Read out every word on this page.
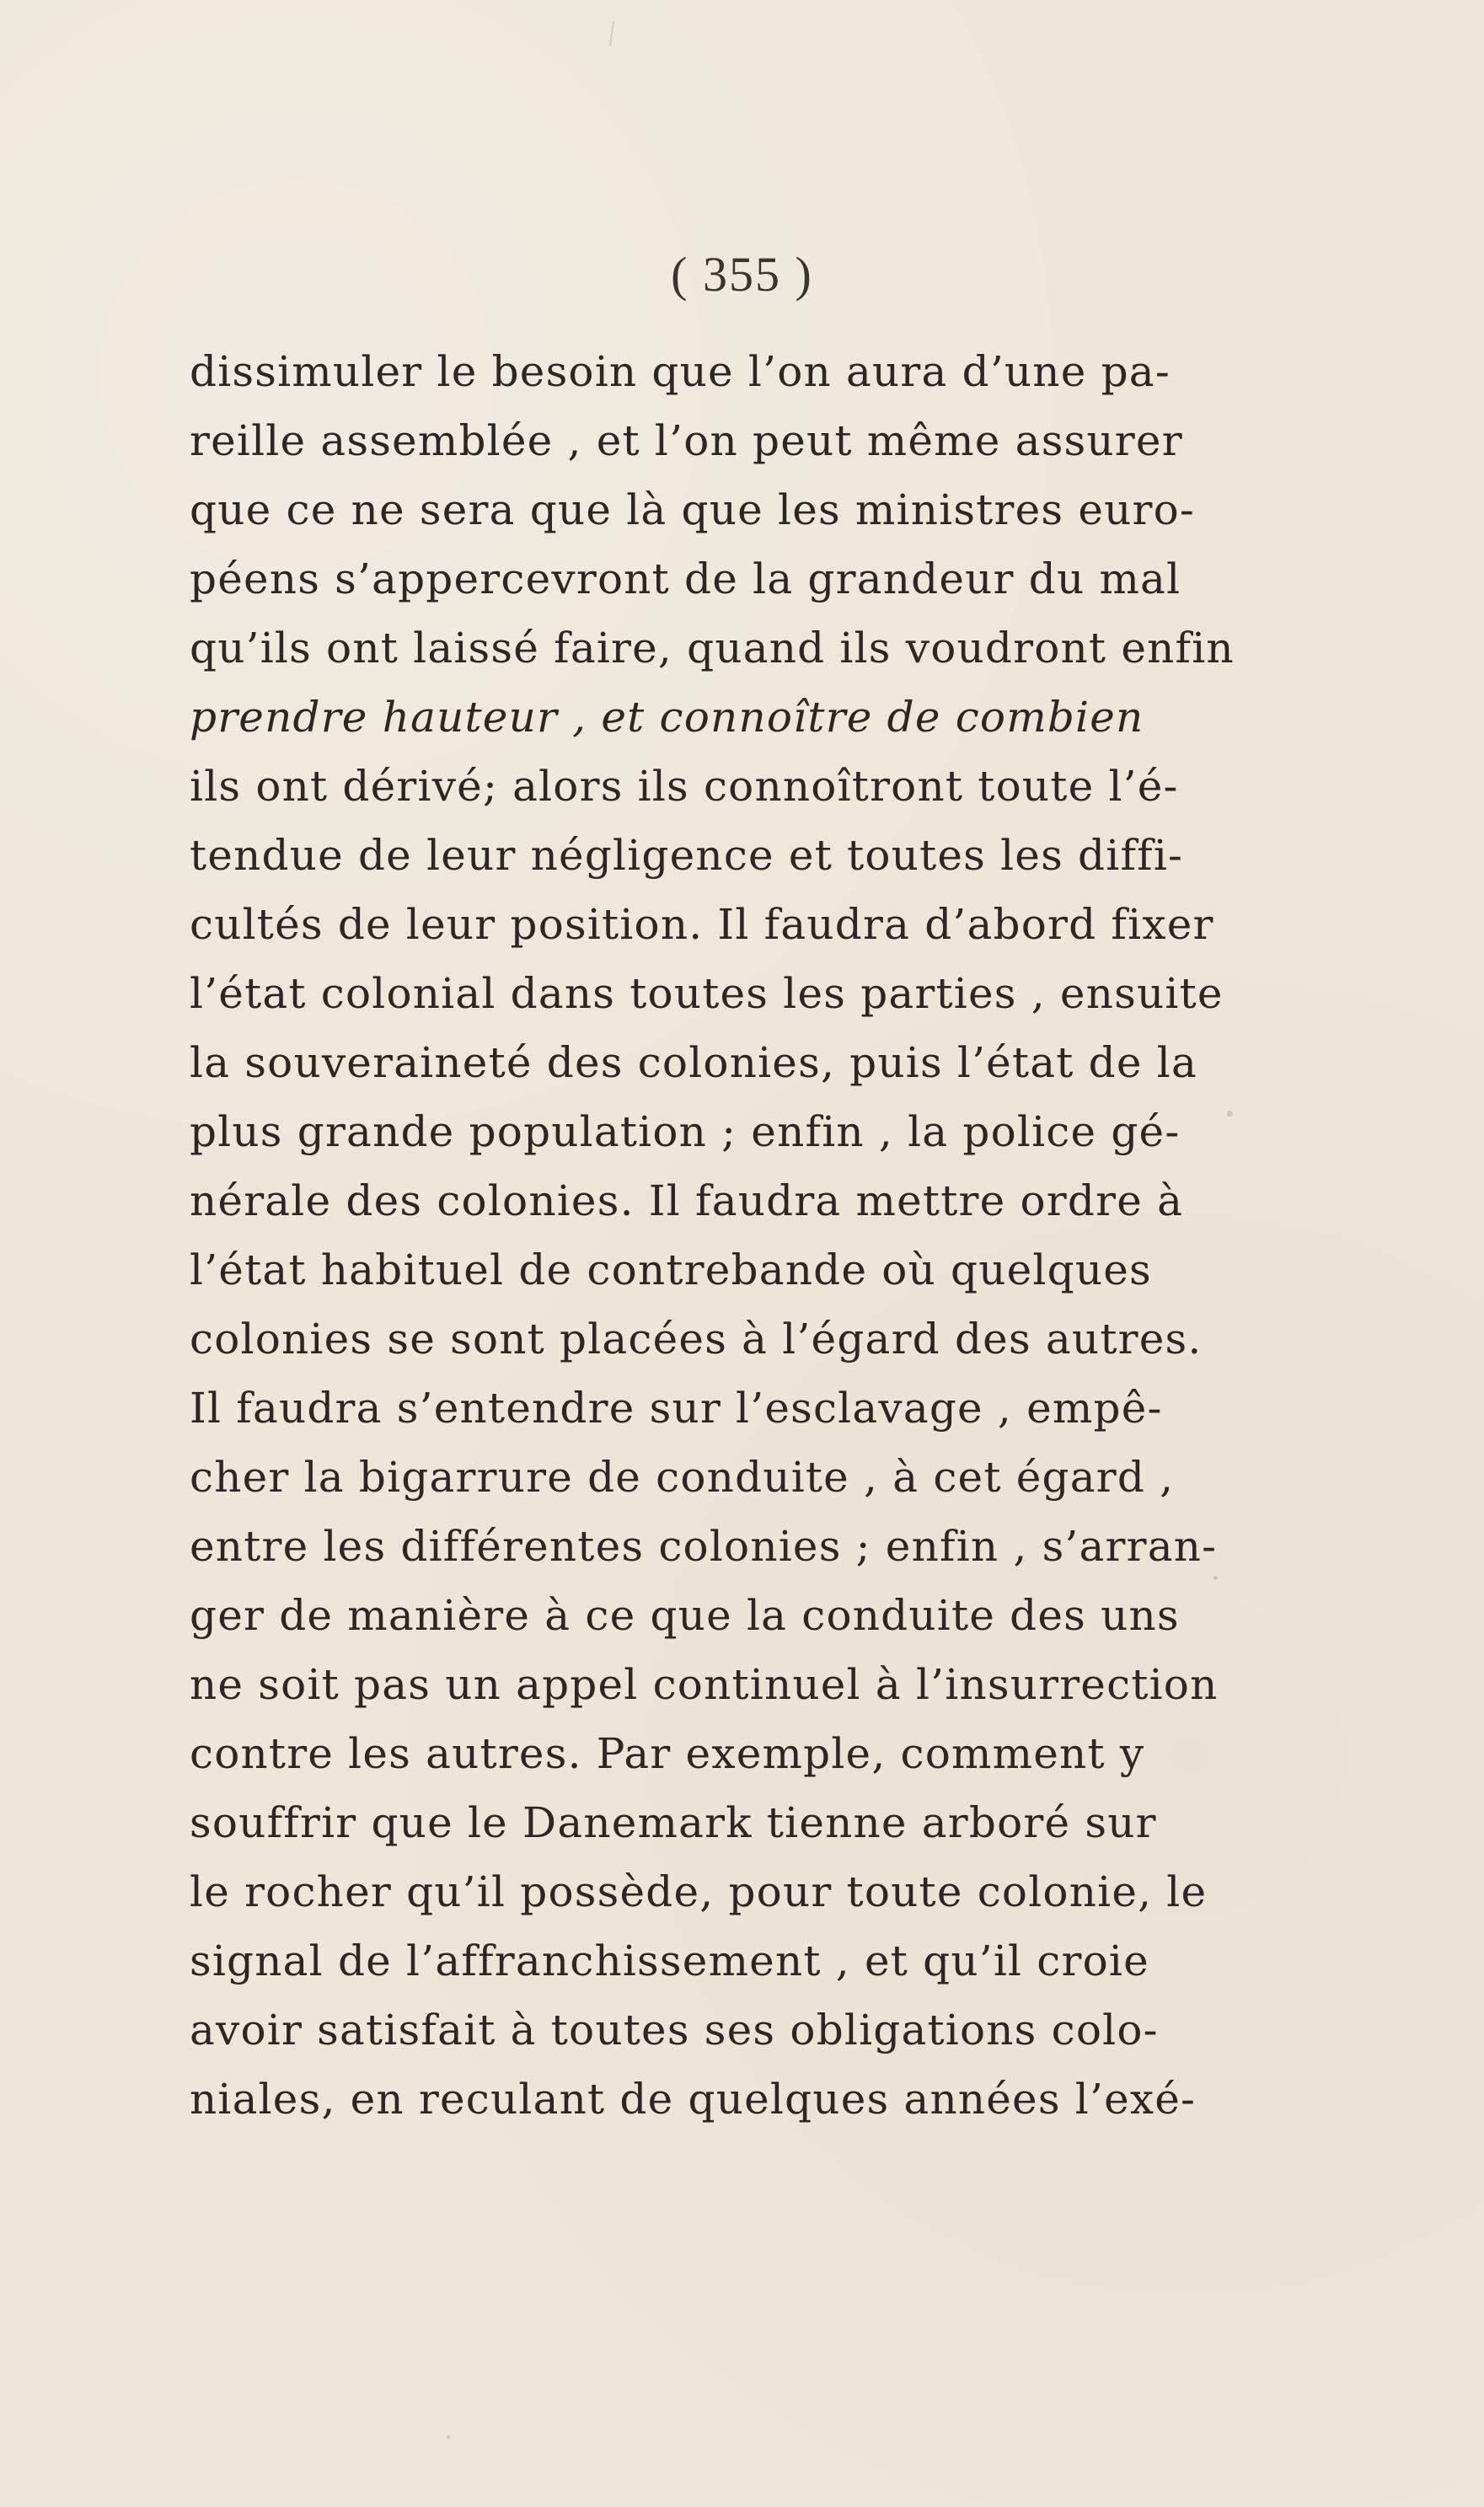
( 355 )
dissimuler le besoin que l’on aura d’une pa-
reille assemblée , et l’on peut même assurer
que ce ne sera que là que les ministres euro-
péens s’appercevront de la grandeur du mal
qu’ils ont laissé faire, quand ils voudront enfin
prendre hauteur , et connoître de combien
ils ont dérivé; alors ils connoîtront toute l’é-
tendue de leur négligence et toutes les diffi-
cultés de leur position. Il faudra d’abord fixer
l’état colonial dans toutes les parties , ensuite
la souveraineté des colonies, puis l’état de la
plus grande population ; enfin , la police gé-
nérale des colonies. Il faudra mettre ordre à
l’état habituel de contrebande où quelques
colonies se sont placées à l’égard des autres.
Il faudra s’entendre sur l’esclavage , empê-
cher la bigarrure de conduite , à cet égard ,
entre les différentes colonies ; enfin , s’arran-
ger de manière à ce que la conduite des uns
ne soit pas un appel continuel à l’insurrection
contre les autres. Par exemple, comment y
souffrir que le Danemark tienne arboré sur
le rocher qu’il possède, pour toute colonie, le
signal de l’affranchissement , et qu’il croie
avoir satisfait à toutes ses obligations colo-
niales, en reculant de quelques années l’exé-
